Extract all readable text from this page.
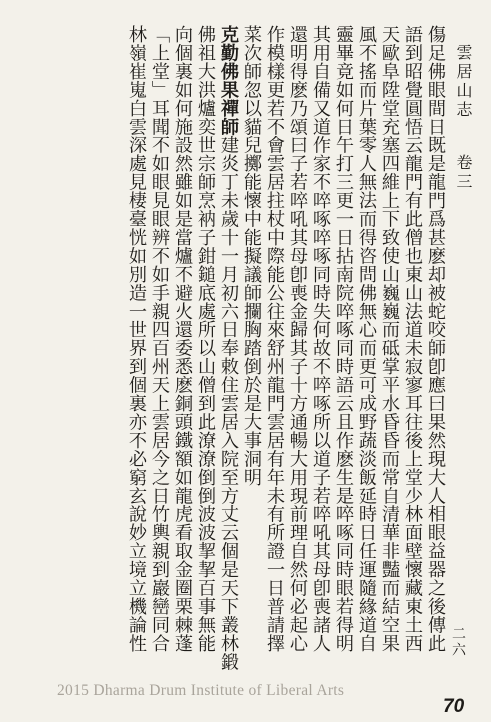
雲居山志卷三
二六
傷足佛眼間日既是龍門爲甚麽却被蛇咬師卽應曰果然現大人相眼益器之後傳此
語到昭覺圓悟云龍門有此僧也東山法道未寂寥耳往後上堂少林面壁懷藏東土西
天歐阜陞堂充塞四維上下致使山巍巍而砥掌平水昏昏而常自清華非豔而結空果
風不搖而片葉零人無法而得咨問佛無心而更可成野蔬淡飯延時日任運隨緣道自
靈畢竟如何日午打三更一日拈南院啐啄同時語云且作麽生是啐啄同時眼若得明
其用自備又道作家不啐啄啐啄同時失何故不啐啄所以道子若啐吼其母卽喪諸人
還明得麽乃頌曰子若啐吼其母卽喪金歸其子十方通暢大用現前理自然何必起心
作模樣更若不會雲居拄杖中際能公往來舒州龍門雲居有年未有所證一日普請擇
菜次師忽以貓兒擲能懷中能擬議師攔胸踏倒於是大事洞明
克勤佛果禪師建炎丁未歲十一月初六日奉敕住雲居入院至方丈云個是天下叢林鍛
佛祖大洪爐奕世宗師烹衲子鉗鎚底處所以山僧到此潦潦倒倒波波挈挈百事無能
向個裏如何施設然雖如是當爐不避火還委悉麽銅頭鐵額如龍虎看取金圈栗棘蓬
「上堂」耳聞不如眼見眼辨不如手親四百州天上雲居今之日竹輿親到巖巒同合
林嶺崔嵬白雲深處見棲臺恍如別造一世界到個裏亦不必窮玄說妙立境立機論性
2015 Dharma Drum Institute of Liberal Arts
70
